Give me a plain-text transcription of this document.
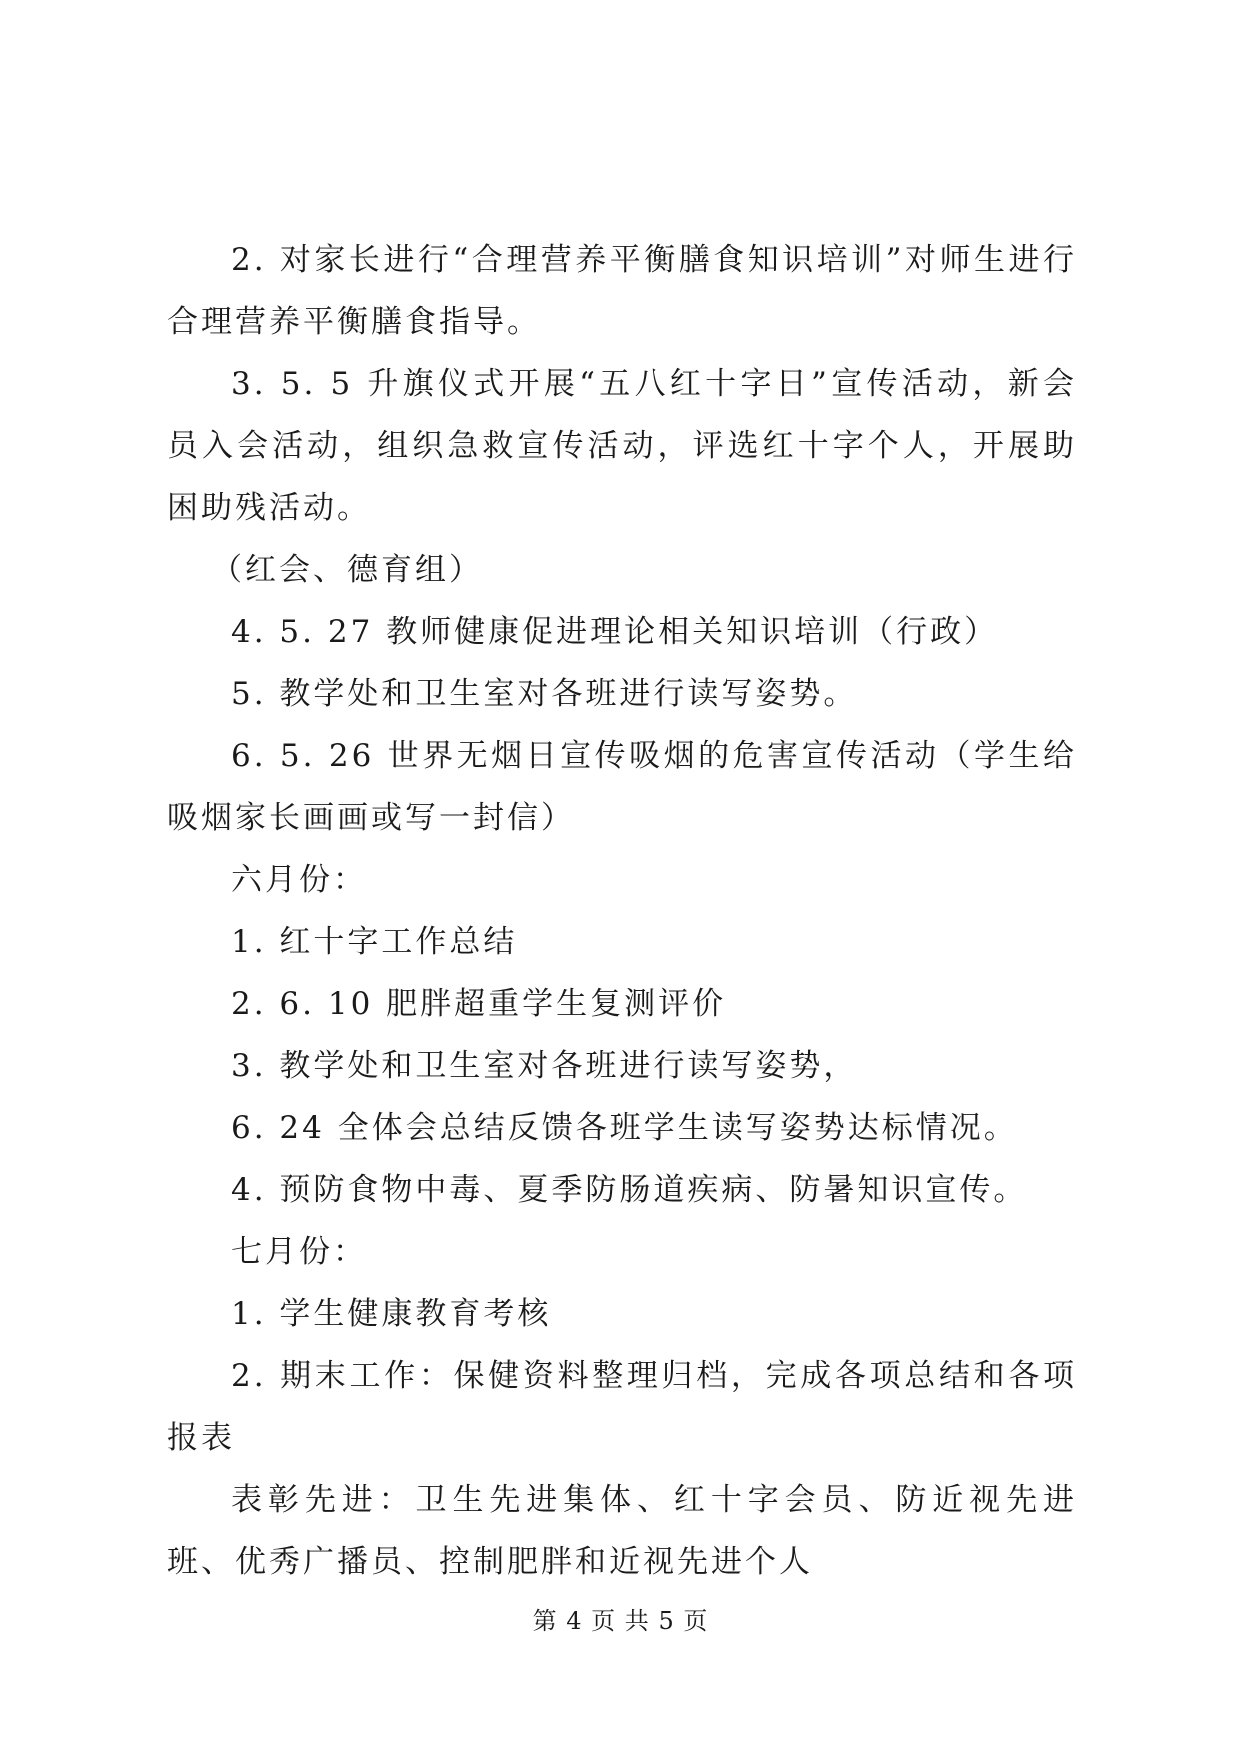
2. 对家长进行“合理营养平衡膳食知识培训”对师生进行合理营养平衡膳食指导。

3. 5. 5 升旗仪式开展“五八红十字日”宣传活动，新会员入会活动，组织急救宣传活动，评选红十字个人，开展助困助残活动。

（红会、德育组）

4. 5. 27 教师健康促进理论相关知识培训（行政）

5. 教学处和卫生室对各班进行读写姿势。

6. 5. 26 世界无烟日宣传吸烟的危害宣传活动（学生给吸烟家长画画或写一封信）

六月份：

1. 红十字工作总结

2. 6. 10 肥胖超重学生复测评价

3. 教学处和卫生室对各班进行读写姿势，

6. 24 全体会总结反馈各班学生读写姿势达标情况。

4. 预防食物中毒、夏季防肠道疾病、防暑知识宣传。

七月份：

1. 学生健康教育考核

2. 期末工作：保健资料整理归档，完成各项总结和各项报表

表彰先进：卫生先进集体、红十字会员、防近视先进班、优秀广播员、控制肥胖和近视先进个人

第 4 页 共 5 页
